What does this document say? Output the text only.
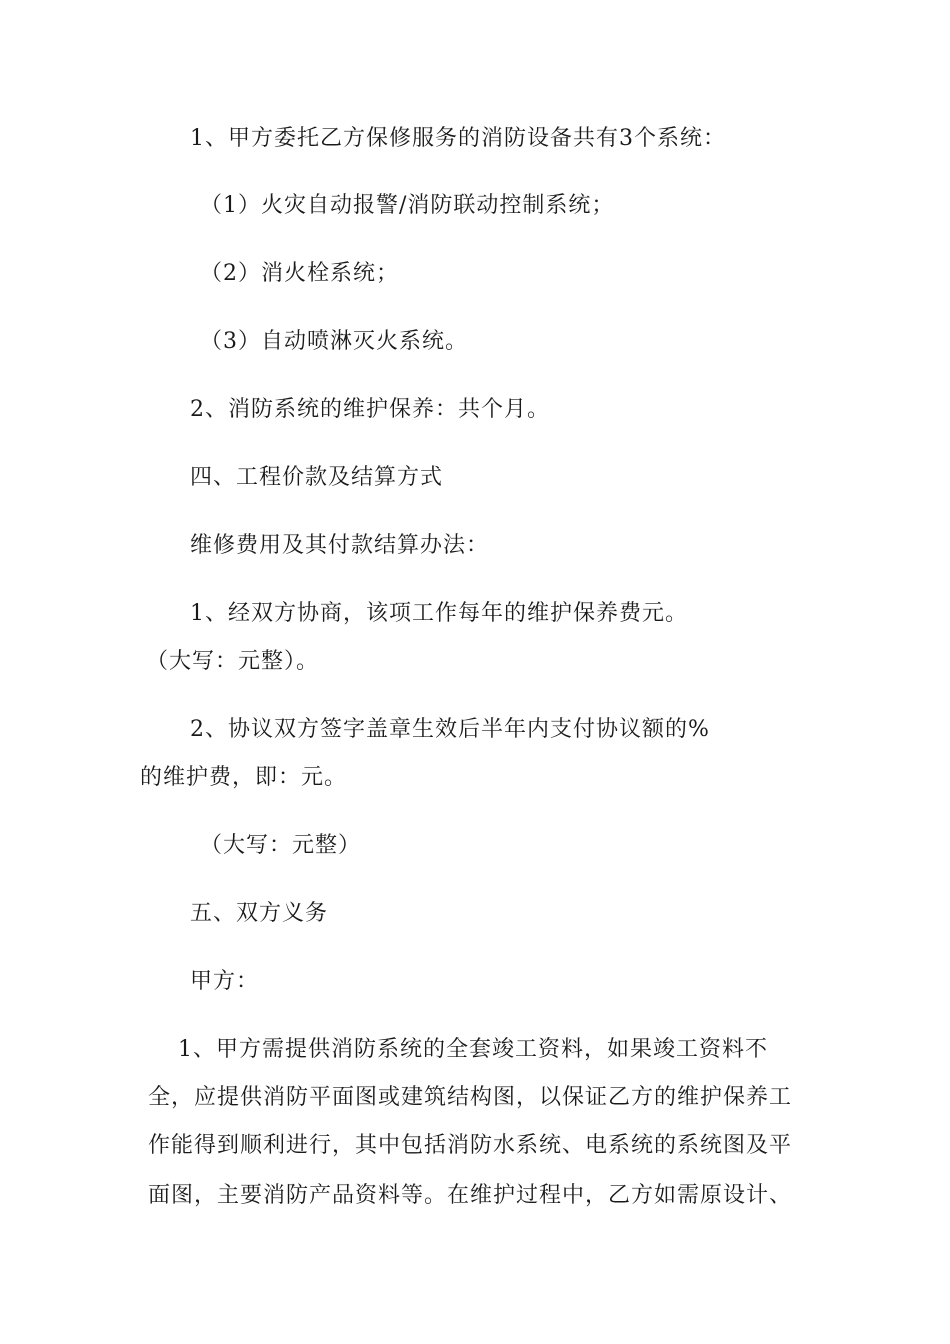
1、甲方委托乙方保修服务的消防设备共有3个系统：
（1）火灾自动报警/消防联动控制系统；
（2）消火栓系统；
（3）自动喷淋灭火系统。
2、消防系统的维护保养：共个月。
四、工程价款及结算方式
维修费用及其付款结算办法：
1、经双方协商，该项工作每年的维护保养费元。
（大写：元整）。
2、协议双方签字盖章生效后半年内支付协议额的%
的维护费，即：元。
（大写：元整）
五、双方义务
甲方：
1、甲方需提供消防系统的全套竣工资料，如果竣工资料不
全，应提供消防平面图或建筑结构图，以保证乙方的维护保养工
作能得到顺利进行，其中包括消防水系统、电系统的系统图及平
面图，主要消防产品资料等。在维护过程中，乙方如需原设计、
